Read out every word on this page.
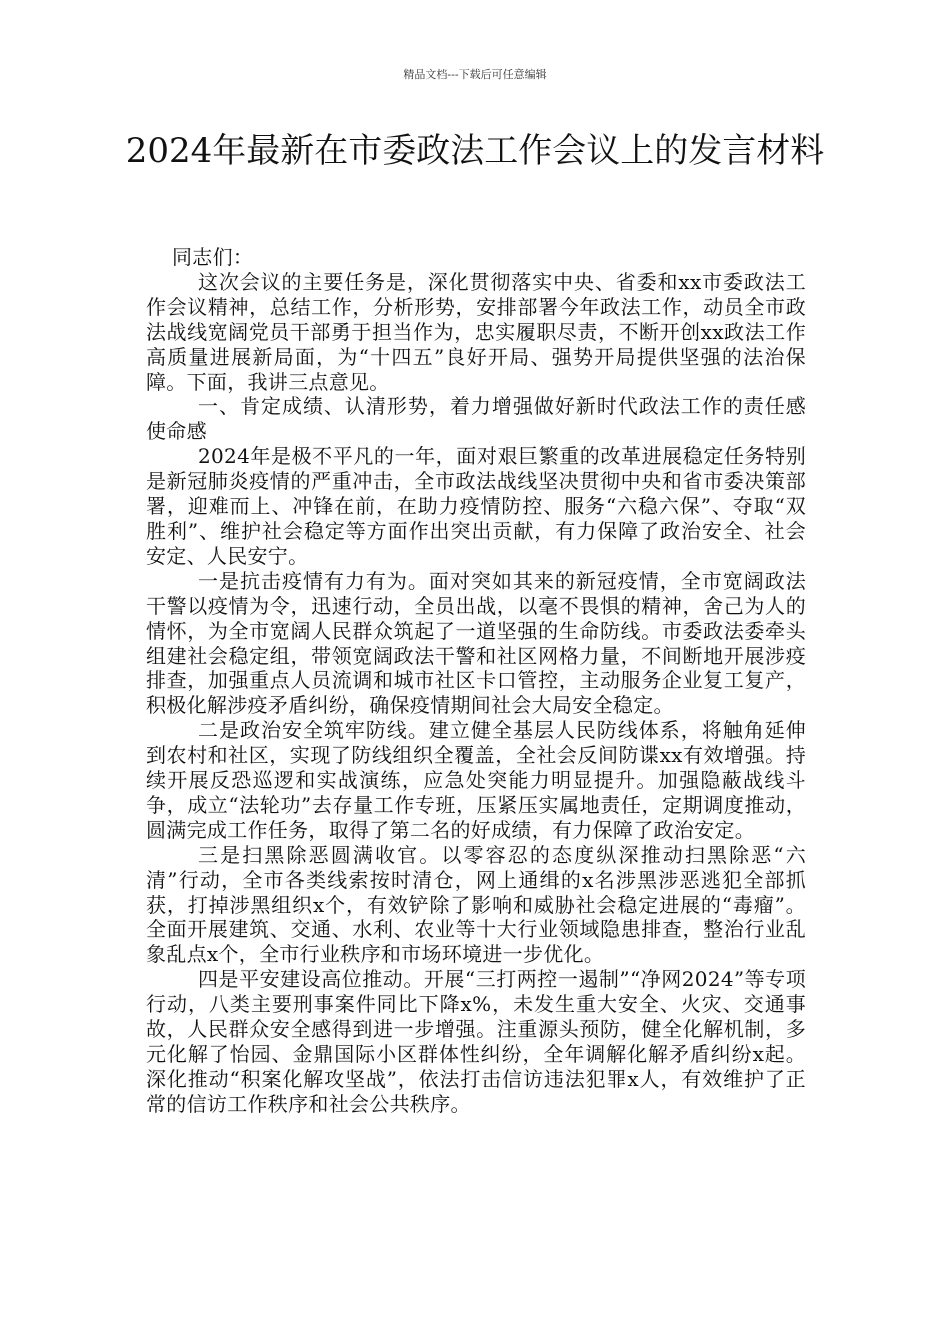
精品文档---下载后可任意编辑
2024年最新在市委政法工作会议上的发言材料

同志们：

这次会议的主要任务是，深化贯彻落实中央、省委和xx市委政法工作会议精神，总结工作，分析形势，安排部署今年政法工作，动员全市政法战线宽阔党员干部勇于担当作为，忠实履职尽责，不断开创xx政法工作高质量进展新局面，为“十四五”良好开局、强势开局提供坚强的法治保障。下面，我讲三点意见。

一、肯定成绩、认清形势，着力增强做好新时代政法工作的责任感使命感

2024年是极不平凡的一年，面对艰巨繁重的改革进展稳定任务特别是新冠肺炎疫情的严重冲击，全市政法战线坚决贯彻中央和省市委决策部署，迎难而上、冲锋在前，在助力疫情防控、服务“六稳六保”、夺取“双胜利”、维护社会稳定等方面作出突出贡献，有力保障了政治安全、社会安定、人民安宁。

一是抗击疫情有力有为。面对突如其来的新冠疫情，全市宽阔政法干警以疫情为令，迅速行动，全员出战，以毫不畏惧的精神，舍己为人的情怀，为全市宽阔人民群众筑起了一道坚强的生命防线。市委政法委牵头组建社会稳定组，带领宽阔政法干警和社区网格力量，不间断地开展涉疫排查，加强重点人员流调和城市社区卡口管控，主动服务企业复工复产，积极化解涉疫矛盾纠纷，确保疫情期间社会大局安全稳定。

二是政治安全筑牢防线。建立健全基层人民防线体系，将触角延伸到农村和社区，实现了防线组织全覆盖，全社会反间防谍xx有效增强。持续开展反恐巡逻和实战演练，应急处突能力明显提升。加强隐蔽战线斗争，成立“法轮功”去存量工作专班，压紧压实属地责任，定期调度推动，圆满完成工作任务，取得了第二名的好成绩，有力保障了政治安定。

三是扫黑除恶圆满收官。以零容忍的态度纵深推动扫黑除恶“六清”行动，全市各类线索按时清仓，网上通缉的x名涉黑涉恶逃犯全部抓获，打掉涉黑组织x个，有效铲除了影响和威胁社会稳定进展的“毒瘤”。全面开展建筑、交通、水利、农业等十大行业领域隐患排查，整治行业乱象乱点x个，全市行业秩序和市场环境进一步优化。

四是平安建设高位推动。开展“三打两控一遏制”“净网2024”等专项行动，八类主要刑事案件同比下降x%，未发生重大安全、火灾、交通事故，人民群众安全感得到进一步增强。注重源头预防，健全化解机制，多元化解了怡园、金鼎国际小区群体性纠纷，全年调解化解矛盾纠纷x起。深化推动“积案化解攻坚战”，依法打击信访违法犯罪x人，有效维护了正常的信访工作秩序和社会公共秩序。
